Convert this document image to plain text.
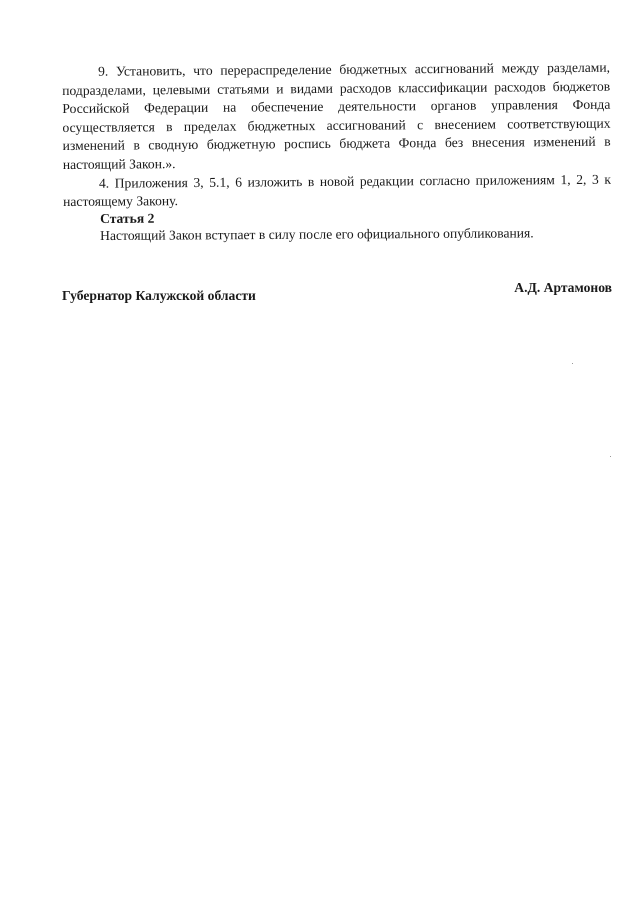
9. Установить, что перераспределение бюджетных ассигнований между разделами, подразделами, целевыми статьями и видами расходов классификации расходов бюджетов Российской Федерации на обеспечение деятельности органов управления Фонда осуществляется в пределах бюджетных ассигнований с внесением соответствующих изменений в сводную бюджетную роспись бюджета Фонда без внесения изменений в настоящий Закон.».

4. Приложения 3, 5.1, 6 изложить в новой редакции согласно приложениям 1, 2, 3 к настоящему Закону.

Статья 2

Настоящий Закон вступает в силу после его официального опубликования.

Губернатор Калужской области
А.Д. Артамонов
